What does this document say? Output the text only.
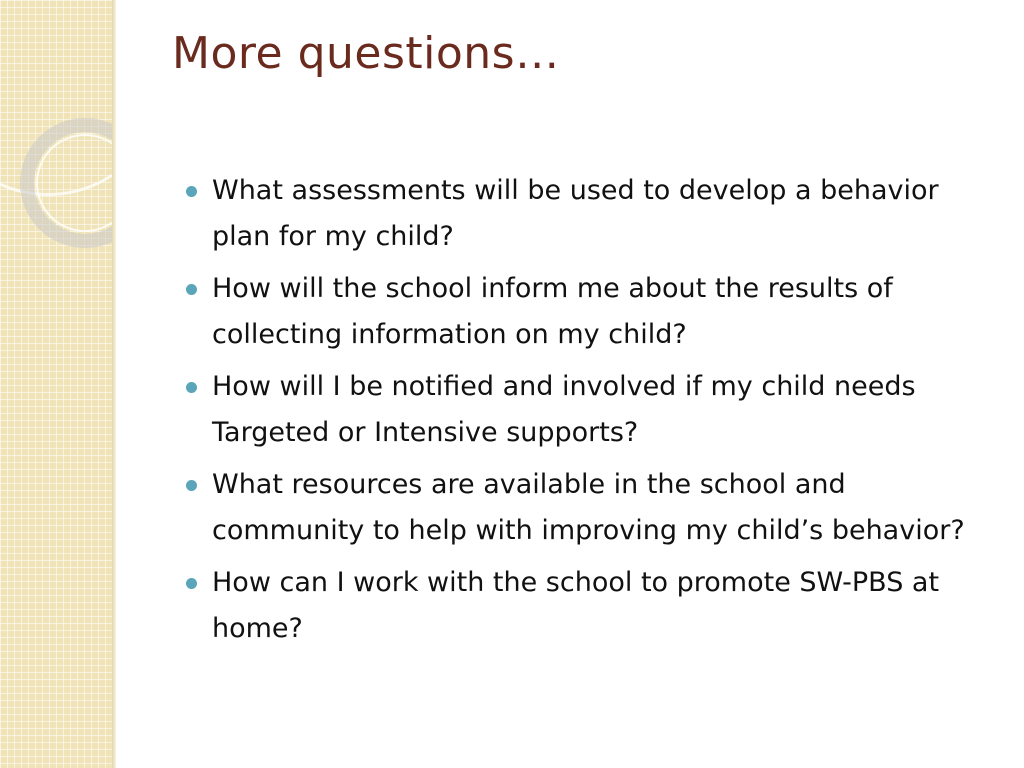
More questions…
What assessments will be used to develop a behavior plan for my child?
How will the school inform me about the results of collecting information on my child?
How will I be notified and involved if my child needs Targeted or Intensive supports?
What resources are available in the school and community to help with improving my child’s behavior?
How can I work with the school to promote SW-PBS at home?
